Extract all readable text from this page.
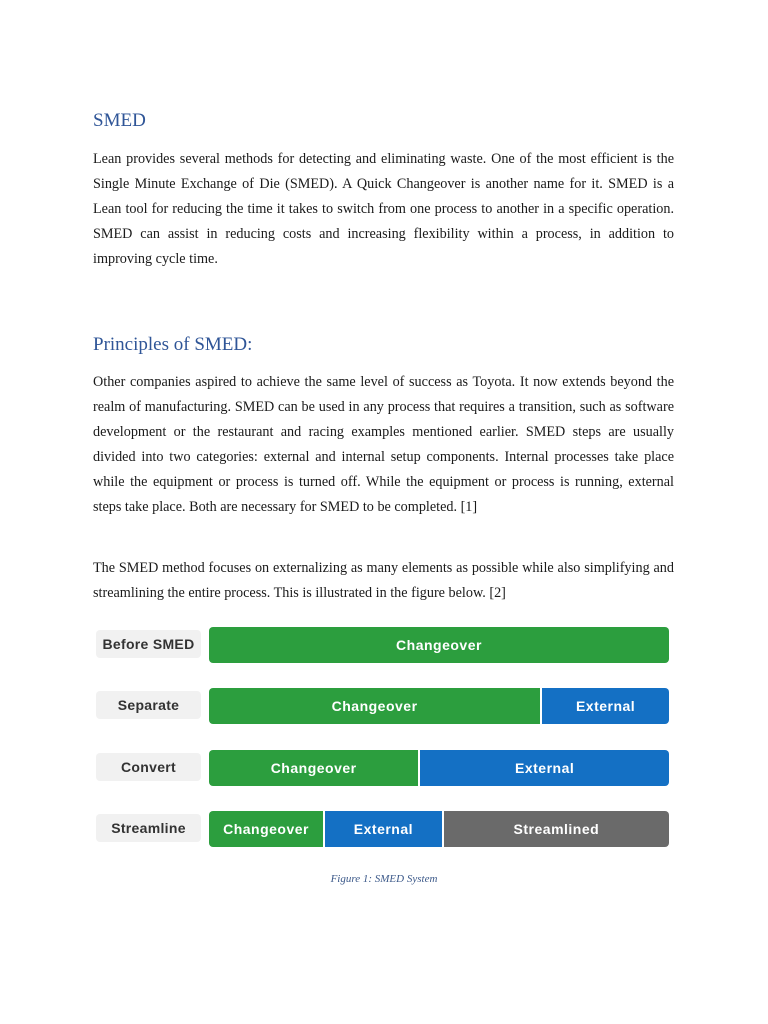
SMED

Lean provides several methods for detecting and eliminating waste. One of the most efficient is the Single Minute Exchange of Die (SMED). A Quick Changeover is another name for it. SMED is a Lean tool for reducing the time it takes to switch from one process to another in a specific operation. SMED can assist in reducing costs and increasing flexibility within a process, in addition to improving cycle time.

Principles of SMED:

Other companies aspired to achieve the same level of success as Toyota. It now extends beyond the realm of manufacturing. SMED can be used in any process that requires a transition, such as software development or the restaurant and racing examples mentioned earlier. SMED steps are usually divided into two categories: external and internal setup components. Internal processes take place while the equipment or process is turned off. While the equipment or process is running, external steps take place. Both are necessary for SMED to be completed. [1]

The SMED method focuses on externalizing as many elements as possible while also simplifying and streamlining the entire process. This is illustrated in the figure below. [2]

Before SMED	Changeover
Separate	Changeover	External
Convert	Changeover	External
Streamline	Changeover	External	Streamlined
Figure 1: SMED System
